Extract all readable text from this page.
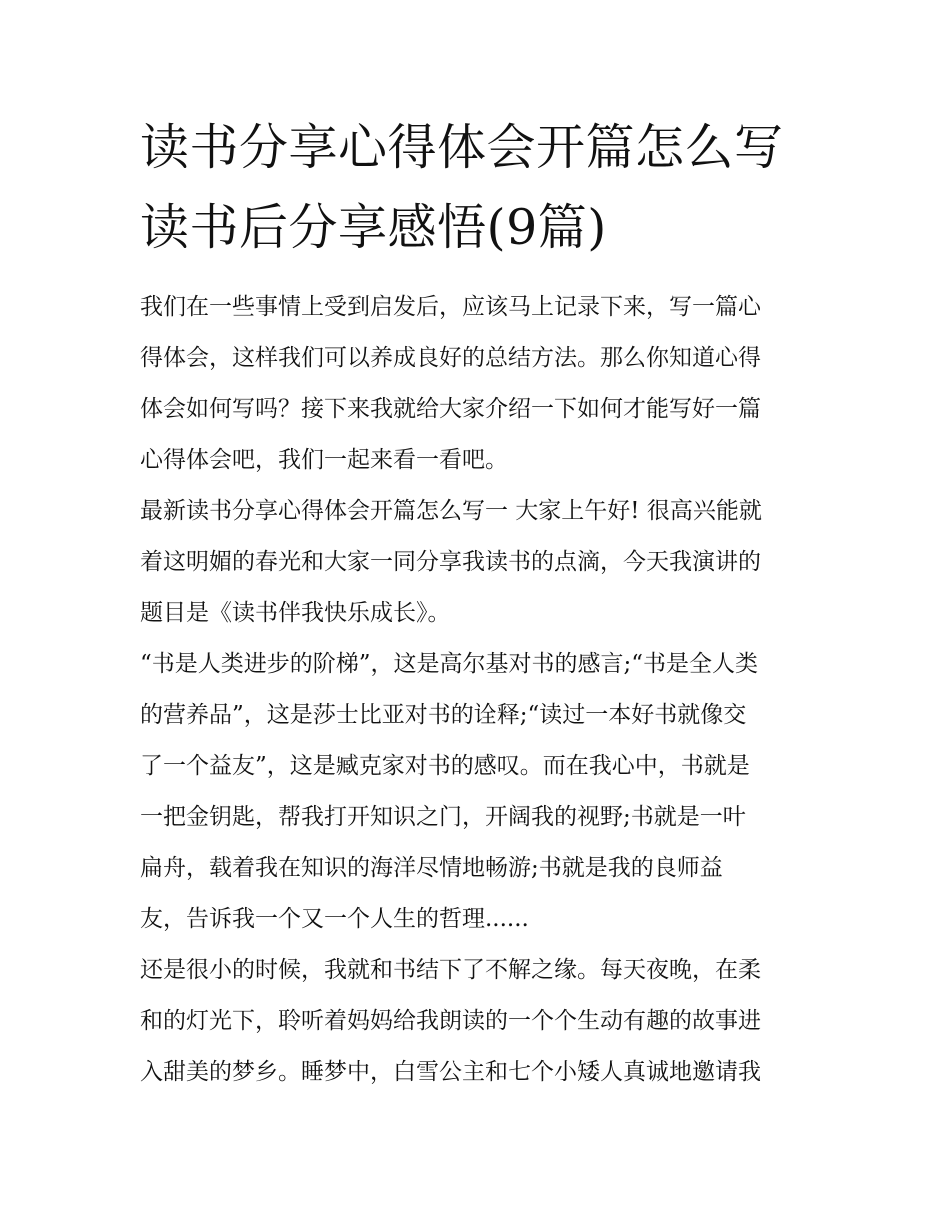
读书分享心得体会开篇怎么写
读书后分享感悟(9篇)
我们在一些事情上受到启发后，应该马上记录下来，写一篇心
得体会，这样我们可以养成良好的总结方法。那么你知道心得
体会如何写吗？接下来我就给大家介绍一下如何才能写好一篇
心得体会吧，我们一起来看一看吧。
最新读书分享心得体会开篇怎么写一 大家上午好! 很高兴能就
着这明媚的春光和大家一同分享我读书的点滴，今天我演讲的
题目是《读书伴我快乐成长》。
“书是人类进步的阶梯”，这是高尔基对书的感言;“书是全人类
的营养品”，这是莎士比亚对书的诠释;“读过一本好书就像交
了一个益友”，这是臧克家对书的感叹。而在我心中，书就是
一把金钥匙，帮我打开知识之门，开阔我的视野;书就是一叶
扁舟，载着我在知识的海洋尽情地畅游;书就是我的良师益
友，告诉我一个又一个人生的哲理......
还是很小的时候，我就和书结下了不解之缘。每天夜晚，在柔
和的灯光下，聆听着妈妈给我朗读的一个个生动有趣的故事进
入甜美的梦乡。睡梦中，白雪公主和七个小矮人真诚地邀请我
